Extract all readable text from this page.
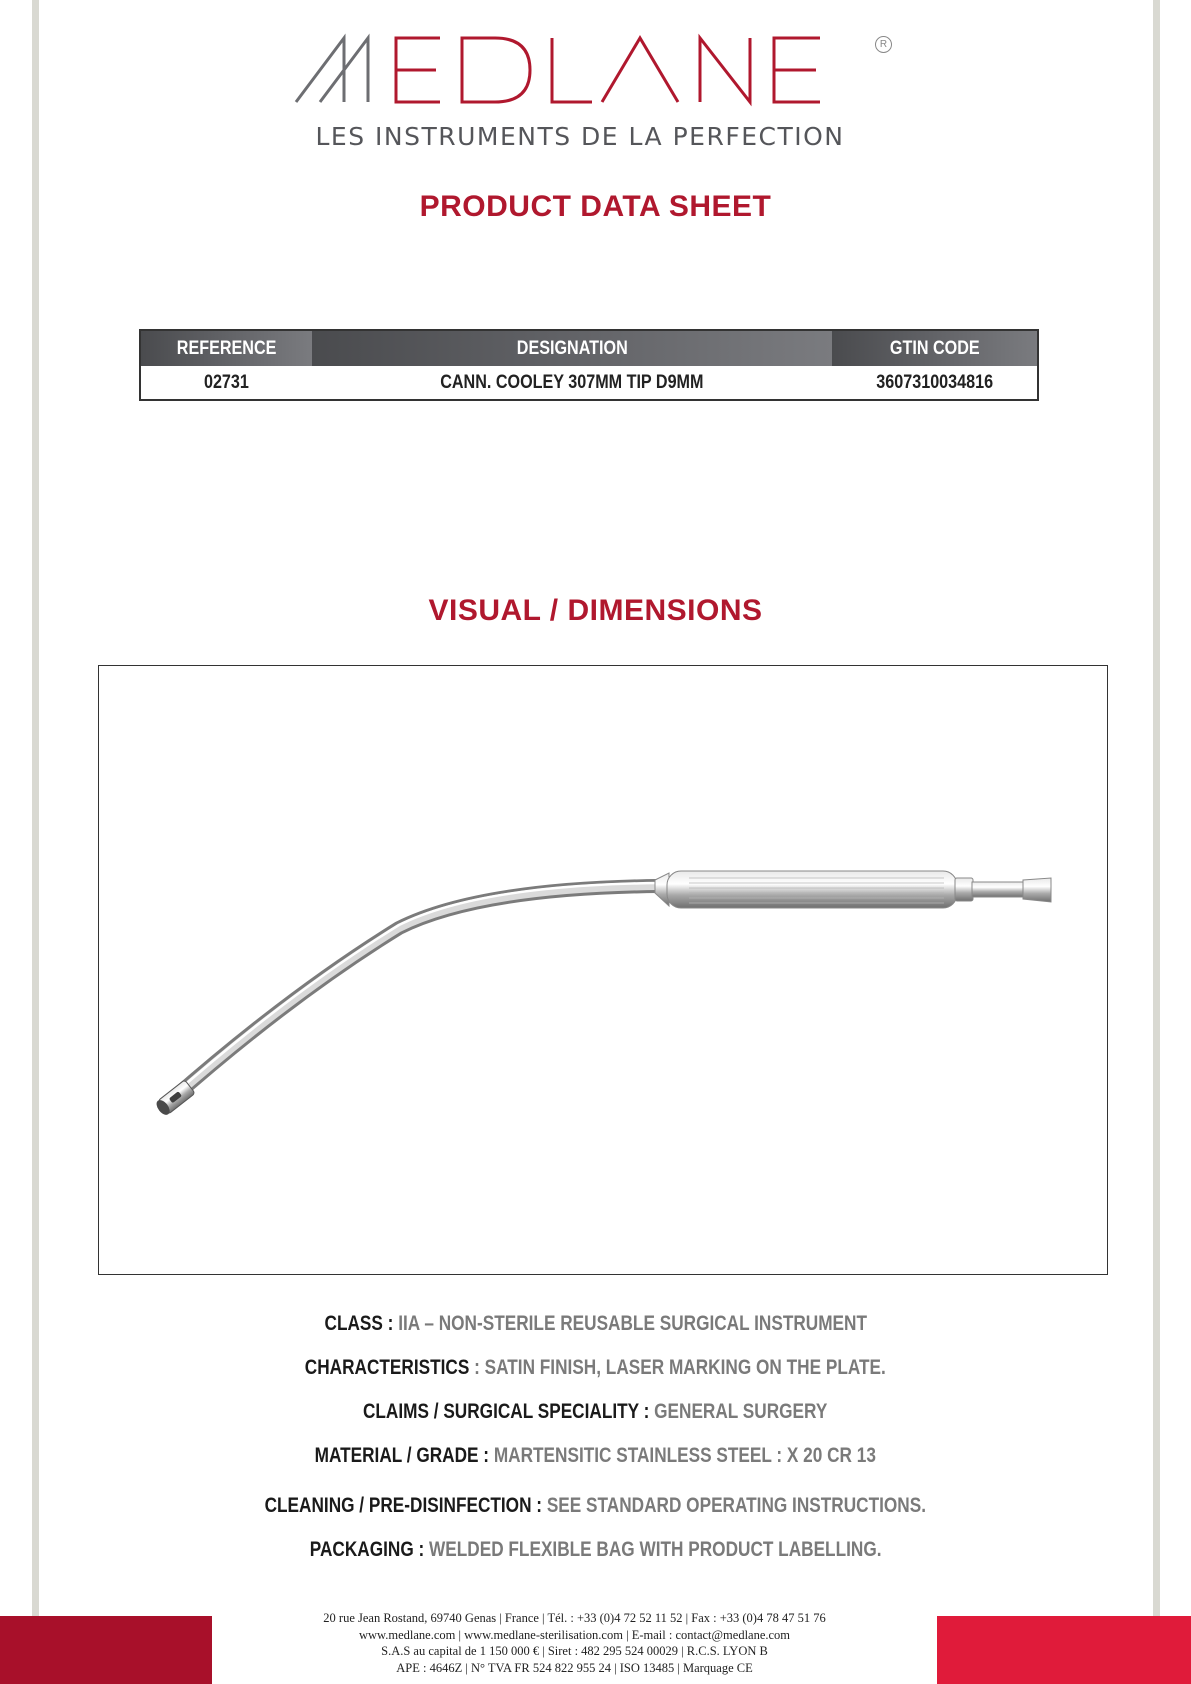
R
LES INSTRUMENTS DE LA PERFECTION
PRODUCT DATA SHEET
REFERENCE	DESIGNATION	GTIN CODE
02731	CANN. COOLEY 307MM TIP D9MM	3607310034816
VISUAL / DIMENSIONS
CLASS : IIA – NON-STERILE REUSABLE SURGICAL INSTRUMENT
CHARACTERISTICS : SATIN FINISH, LASER MARKING ON THE PLATE.
CLAIMS / SURGICAL SPECIALITY : GENERAL SURGERY
MATERIAL / GRADE : MARTENSITIC STAINLESS STEEL : X 20 CR 13
CLEANING / PRE-DISINFECTION : SEE STANDARD OPERATING INSTRUCTIONS.
PACKAGING : WELDED FLEXIBLE BAG WITH PRODUCT LABELLING.
20 rue Jean Rostand, 69740 Genas | France | Tél. : +33 (0)4 72 52 11 52 | Fax : +33 (0)4 78 47 51 76
www.medlane.com | www.medlane-sterilisation.com | E-mail : contact@medlane.com
S.A.S au capital de 1 150 000 € | Siret : 482 295 524 00029 | R.C.S. LYON B
APE : 4646Z | N° TVA FR 524 822 955 24 | ISO 13485 | Marquage CE
